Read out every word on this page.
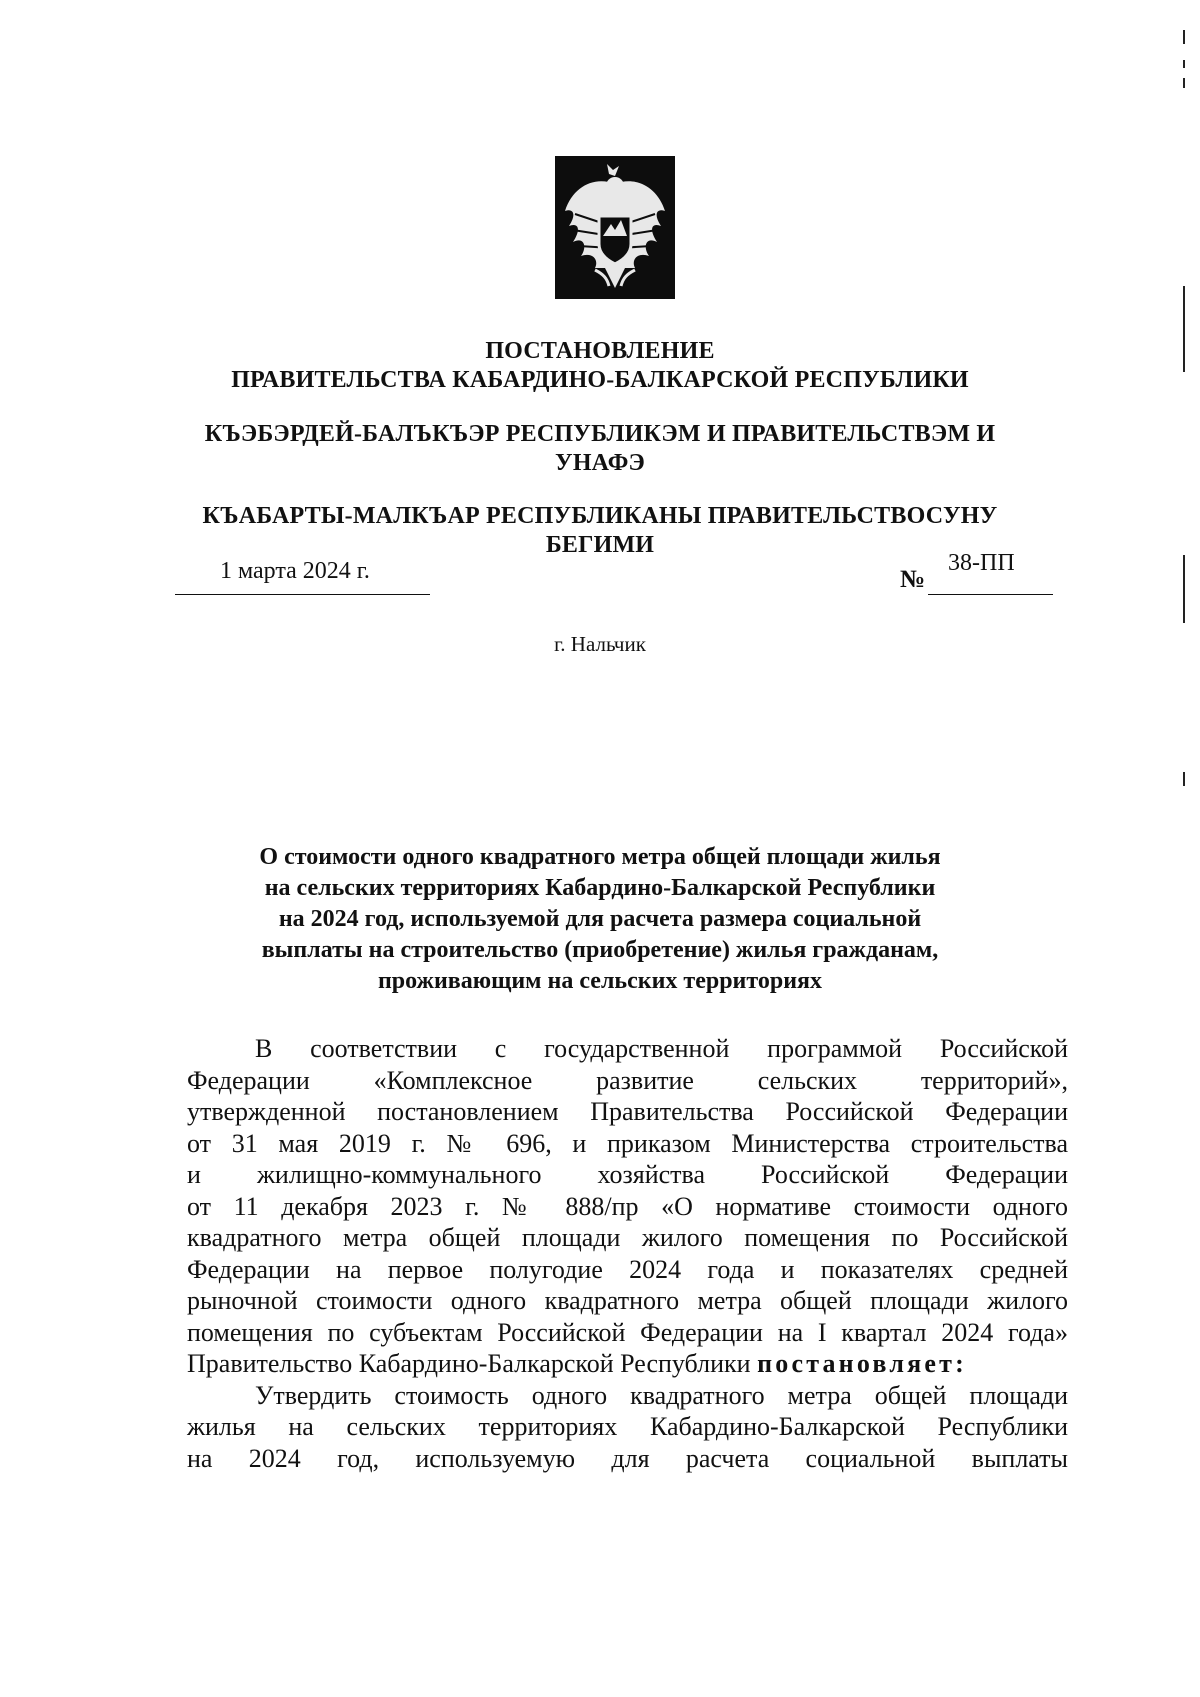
ПОСТАНОВЛЕНИЕ
ПРАВИТЕЛЬСТВА КАБАРДИНО-БАЛКАРСКОЙ РЕСПУБЛИКИ
КЪЭБЭРДЕЙ-БАЛЪКЪЭР РЕСПУБЛИКЭМ И ПРАВИТЕЛЬСТВЭМ И
УНАФЭ
КЪАБАРТЫ-МАЛКЪАР РЕСПУБЛИКАНЫ ПРАВИТЕЛЬСТВОСУНУ
БЕГИМИ
1 марта 2024 г.	№
38-ПП
г. Нальчик
О стоимости одного квадратного метра общей площади жилья
на сельских территориях Кабардино-Балкарской Республики
на 2024 год, используемой для расчета размера социальной
выплаты на строительство (приобретение) жилья гражданам,
проживающим на сельских территориях
В соответствии с государственной программой Российской
Федерации «Комплексное развитие сельских территорий»,
утвержденной постановлением Правительства Российской Федерации
от 31 мая 2019 г. № 696, и приказом Министерства строительства
и жилищно-коммунального хозяйства Российской Федерации
от 11 декабря 2023 г. № 888/пр «О нормативе стоимости одного
квадратного метра общей площади жилого помещения по Российской
Федерации на первое полугодие 2024 года и показателях средней
рыночной стоимости одного квадратного метра общей площади жилого
помещения по субъектам Российской Федерации на I квартал 2024 года»
Правительство Кабардино-Балкарской Республики постановляет:
Утвердить стоимость одного квадратного метра общей площади
жилья на сельских территориях Кабардино-Балкарской Республики
на 2024 год, используемую для расчета социальной выплаты
